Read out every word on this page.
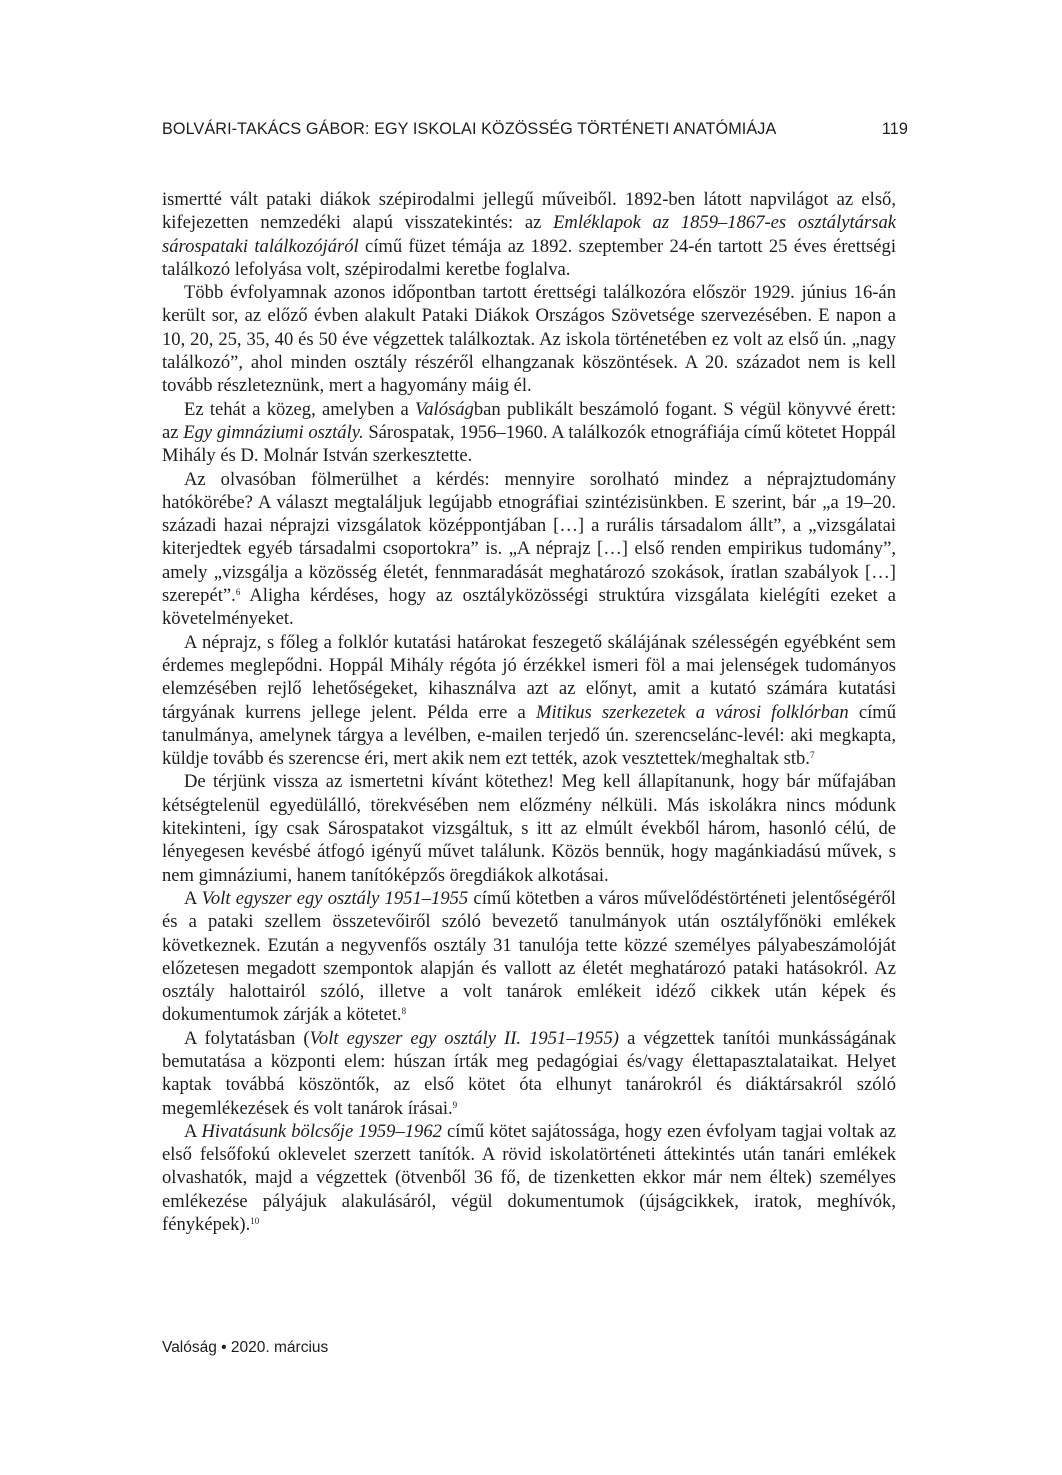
BOLVÁRI-TAKÁCS GÁBOR: EGY ISKOLAI KÖZÖSSÉG TÖRTÉNETI ANATÓMIÁJA	119

ismertté vált pataki diákok szépirodalmi jellegű műveiből. 1892-ben látott napvilágot az első, kifejezetten nemzedéki alapú visszatekintés: az Emléklapok az 1859–1867-es osztálytársak sárospataki találkozójáról című füzet témája az 1892. szeptember 24-én tartott 25 éves érettségi találkozó lefolyása volt, szépirodalmi keretbe foglalva.

Több évfolyamnak azonos időpontban tartott érettségi találkozóra először 1929. június 16-án került sor, az előző évben alakult Pataki Diákok Országos Szövetsége szervezésében. E napon a 10, 20, 25, 35, 40 és 50 éve végzettek találkoztak. Az iskola történetében ez volt az első ún. „nagy találkozó”, ahol minden osztály részéről elhangzanak köszöntések. A 20. századot nem is kell tovább részleteznünk, mert a hagyomány máig él.

Ez tehát a közeg, amelyben a Valóságban publikált beszámoló fogant. S végül könyvvé érett: az Egy gimnáziumi osztály. Sárospatak, 1956–1960. A találkozók etnográfiája című kötetet Hoppál Mihály és D. Molnár István szerkesztette.

Az olvasóban fölmerülhet a kérdés: mennyire sorolható mindez a néprajztudomány hatókörébe? A választ megtaláljuk legújabb etnográfiai szintézisünkben. E szerint, bár „a 19–20. századi hazai néprajzi vizsgálatok középpontjában […] a rurális társadalom állt”, a „vizsgálatai kiterjedtek egyéb társadalmi csoportokra” is. „A néprajz […] első renden empirikus tudomány”, amely „vizsgálja a közösség életét, fennmaradását meghatározó szokások, íratlan szabályok […] szerepét”.$^6$ Aligha kérdéses, hogy az osztályközösségi struktúra vizsgálata kielégíti ezeket a követelményeket.

A néprajz, s főleg a folklór kutatási határokat feszegető skálájának szélességén egyébként sem érdemes meglepődni. Hoppál Mihály régóta jó érzékkel ismeri föl a mai jelenségek tudományos elemzésében rejlő lehetőségeket, kihasználva azt az előnyt, amit a kutató számára kutatási tárgyának kurrens jellege jelent. Példa erre a Mitikus szerkezetek a városi folklórban című tanulmánya, amelynek tárgya a levélben, e-mailen terjedő ún. szerencselánc-levél: aki megkapta, küldje tovább és szerencse éri, mert akik nem ezt tették, azok vesztettek/meghaltak stb.$^7$

De térjünk vissza az ismertetni kívánt kötethez! Meg kell állapítanunk, hogy bár műfajában kétségtelenül egyedülálló, törekvésében nem előzmény nélküli. Más iskolákra nincs módunk kitekinteni, így csak Sárospatakot vizsgáltuk, s itt az elmúlt évekből három, hasonló célú, de lényegesen kevésbé átfogó igényű művet találunk. Közös bennük, hogy magánkiadású művek, s nem gimnáziumi, hanem tanítóképzős öregdiákok alkotásai.

A Volt egyszer egy osztály 1951–1955 című kötetben a város művelődéstörténeti jelentőségéről és a pataki szellem összetevőiről szóló bevezető tanulmányok után osztályfőnöki emlékek következnek. Ezután a negyvenfős osztály 31 tanulója tette közzé személyes pályabeszámolóját előzetesen megadott szempontok alapján és vallott az életét meghatározó pataki hatásokról. Az osztály halottairól szóló, illetve a volt tanárok emlékeit idéző cikkek után képek és dokumentumok zárják a kötetet.$^8$

A folytatásban (Volt egyszer egy osztály II. 1951–1955) a végzettek tanítói munkásságának bemutatása a központi elem: húszan írták meg pedagógiai és/vagy élettapasztalataikat. Helyet kaptak továbbá köszöntők, az első kötet óta elhunyt tanárokról és diáktársakról szóló megemlékezések és volt tanárok írásai.$^9$

A Hivatásunk bölcsője 1959–1962 című kötet sajátossága, hogy ezen évfolyam tagjai voltak az első felsőfokú oklevelet szerzett tanítók. A rövid iskolatörténeti áttekintés után tanári emlékek olvashatók, majd a végzettek (ötvenből 36 fő, de tizenketten ekkor már nem éltek) személyes emlékezése pályájuk alakulásáról, végül dokumentumok (újságcikkek, iratok, meghívók, fényképek).$^{10}$

Valóság • 2020. március
